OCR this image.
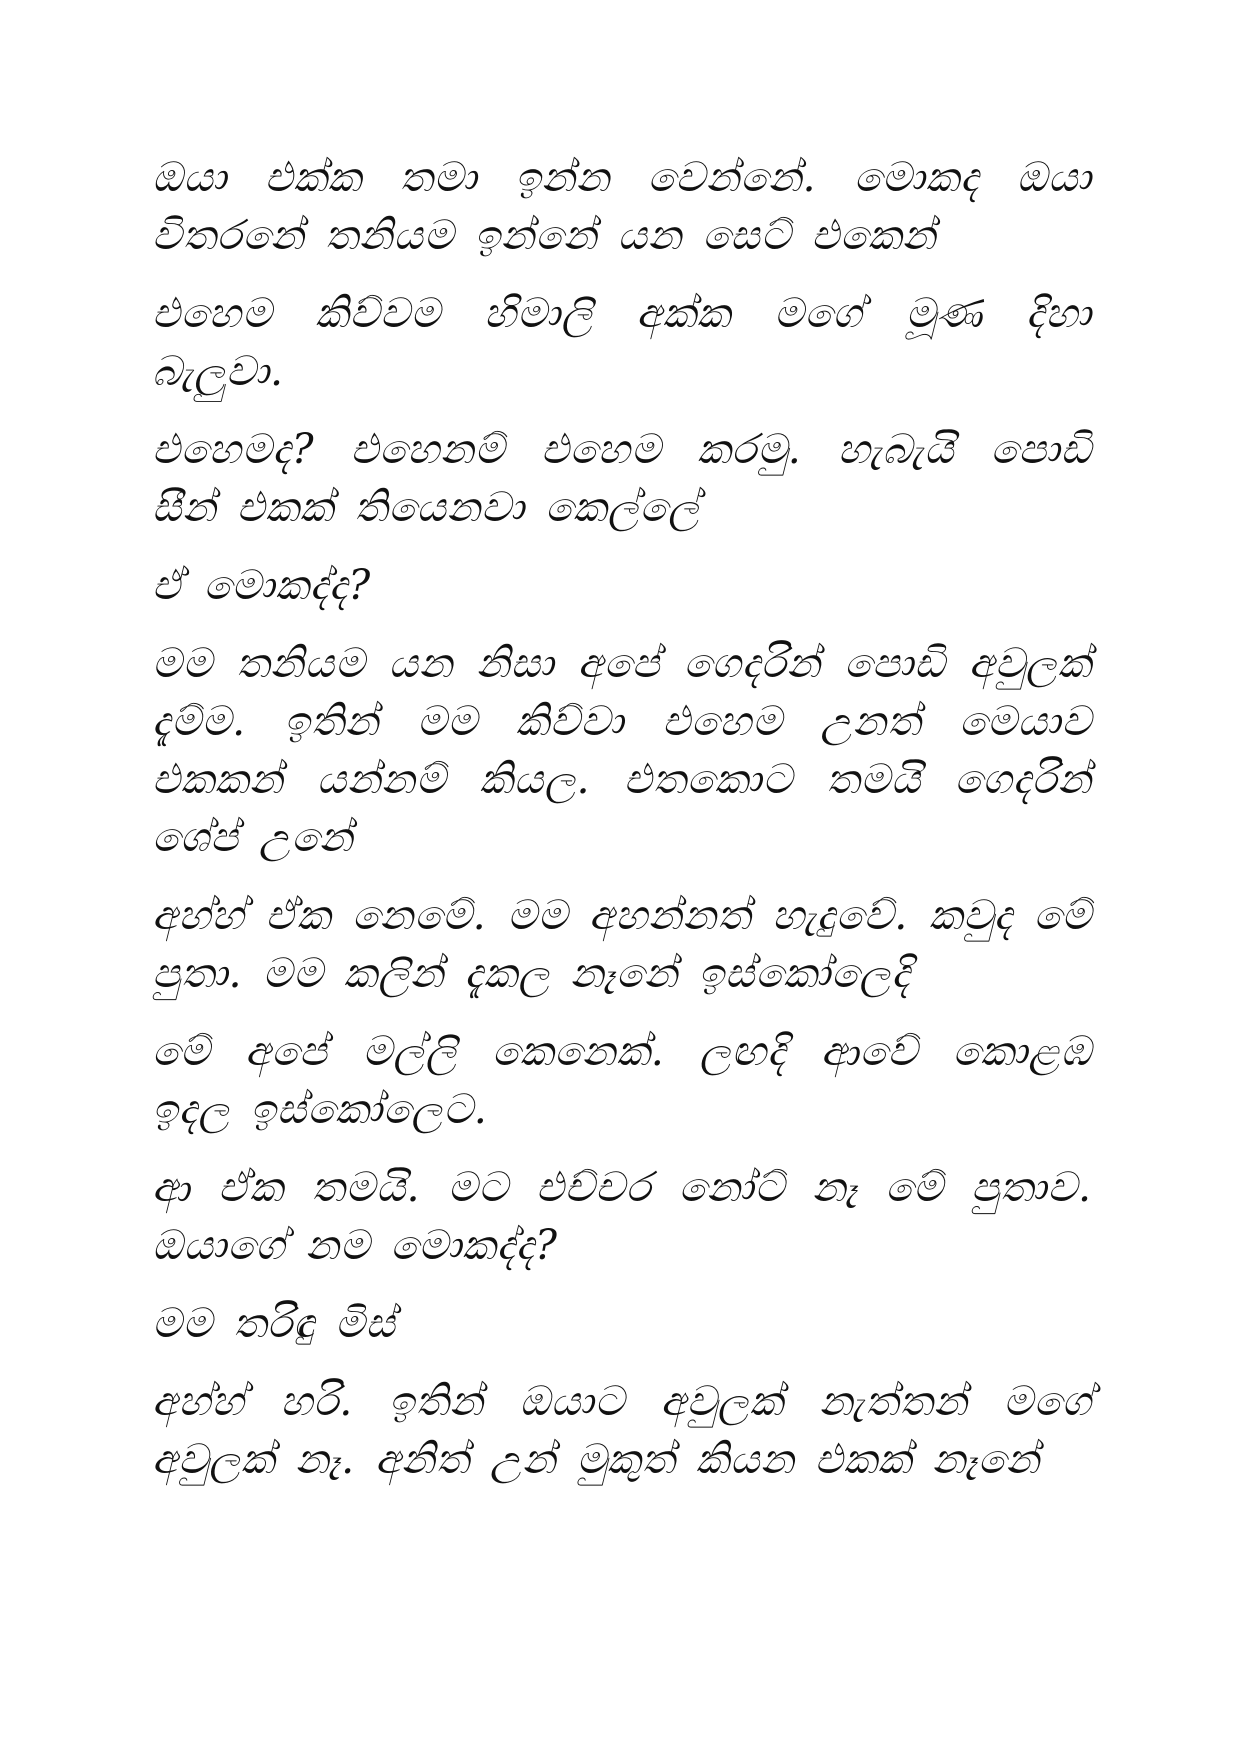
ඔයා එක්ක තමා ඉන්න වෙන්නේ. මොකද ඔයා විතරනේ තනියම ඉන්නේ යන සෙට් එකෙන්

එහෙම කිව්වම හිමාලි අක්ක මගේ මූණ දිහා බැලුවා.

එහෙමද? එහෙනම් එහෙම කරමු. හැබැයි පොඩි සීන් එකක් තියෙනවා කෙල්ලේ

ඒ මොකද්ද?

මම තනියම යන නිසා අපේ ගෙදරින් පොඩි අවුලක් දැම්ම. ඉතින් මම කිව්වා එහෙම උනත් මෙයාව එකකන් යන්නම් කියල. එතකොට තමයි ගෙදරින් ශේප් උනේ

අහ්හ් ඒක නෙමේ. මම අහන්නත් හැදුවේ. කවුද මේ පුතා. මම කලින් දැකල නෑනේ ඉස්කෝලෙදි

මේ අපේ මල්ලි කෙනෙක්. ලඟදි ආවේ කොළඹ ඉදල ඉස්කෝලෙට.

ආ ඒක තමයි. මට එච්චර නෝට් නෑ මේ පුතාව. ඔයාගේ නම මොකද්ද?

මම තරිඳු මිස්

අහ්හ් හරි. ඉතින් ඔයාට අවුලක් නැත්තන් මගේ අවුලක් නෑ. අනිත් උන් මුකුත් කියන එකක් නෑනේ
